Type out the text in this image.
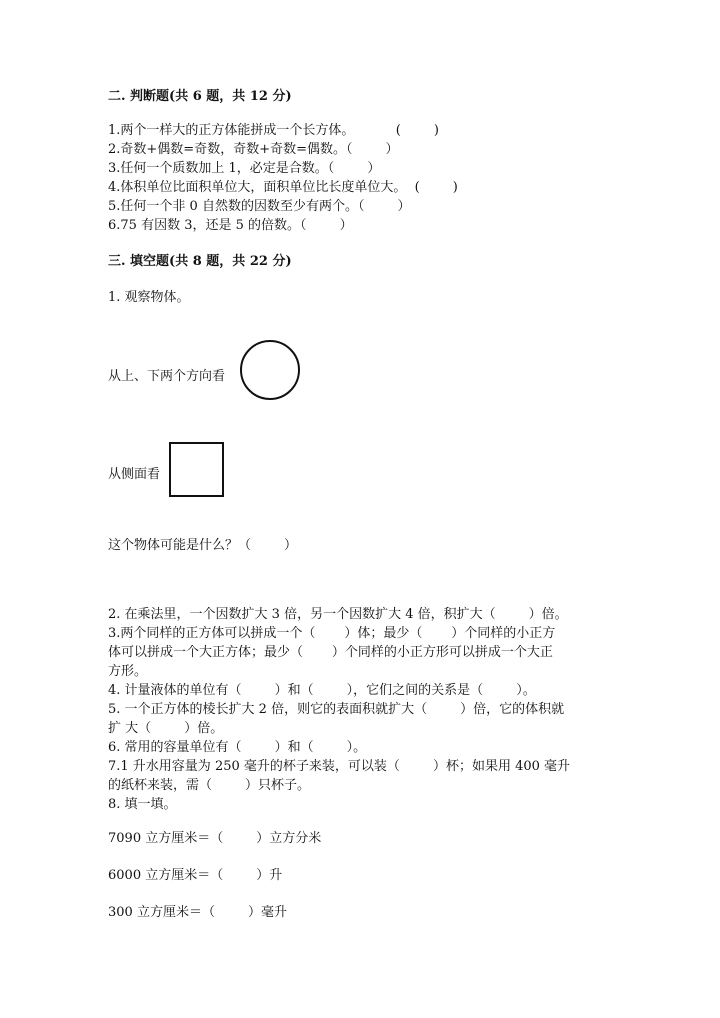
二. 判断题(共 6 题，共 12 分)
1.两个一样大的正方体能拼成一个长方体。          (        )
2.奇数+偶数=奇数，奇数+奇数=偶数。（        ）
3.任何一个质数加上 1，必定是合数。（        ）
4.体积单位比面积单位大，面积单位比长度单位大。  (        )
5.任何一个非 0 自然数的因数至少有两个。（        ）
6.75 有因数 3，还是 5 的倍数。（        ）
三. 填空题(共 8 题，共 22 分)
1. 观察物体。
从上、下两个方向看
从侧面看
这个物体可能是什么？（        ）
2. 在乘法里，一个因数扩大 3 倍，另一个因数扩大 4 倍，积扩大（        ）倍。
3.两个同样的正方体可以拼成一个（       ）体；最少（       ）个同样的小正方
体可以拼成一个大正方体；最少（       ）个同样的小正方形可以拼成一个大正
方形。
4. 计量液体的单位有（        ）和（        ），它们之间的关系是（        ）。
5. 一个正方体的棱长扩大 2 倍，则它的表面积就扩大（        ）倍，它的体积就
扩 大（        ）倍。
6. 常用的容量单位有（        ）和（        ）。
7.1 升水用容量为 250 毫升的杯子来装，可以装（        ）杯；如果用 400 毫升
的纸杯来装，需（        ）只杯子。
8. 填一填。
7090 立方厘米＝（        ）立方分米
6000 立方厘米＝（        ）升
300 立方厘米＝（        ）毫升
